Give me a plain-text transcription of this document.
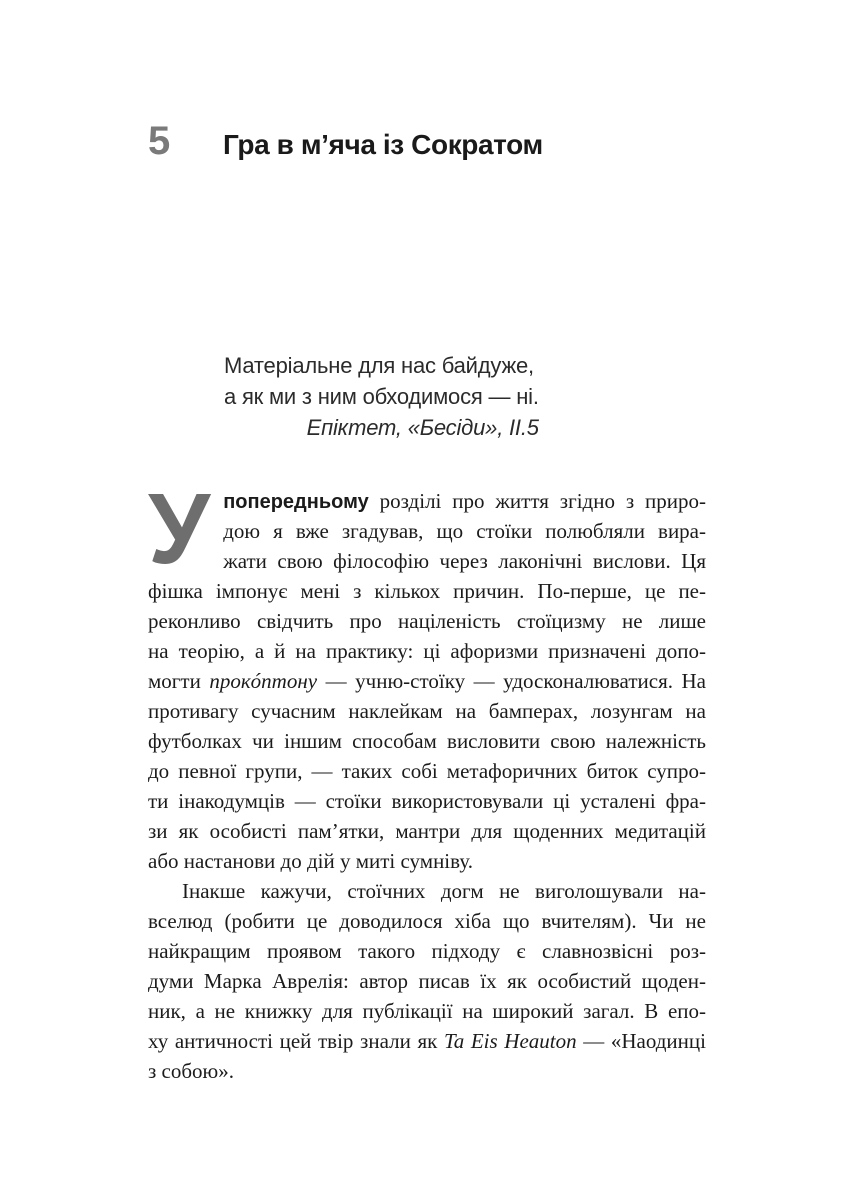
5	Гра в м’яча із Сократом
Матеріальне для нас байдуже,
а як ми з ним обходимося — ні.
Епіктет, «Бесіди», II.5
У попередньому розділі про життя згідно з приро-
дою я вже згадував, що стоїки полюбляли вира-
жати свою філософію через лаконічні вислови. Ця
фішка імпонує мені з кількох причин. По-перше, це пе-
реконливо свідчить про націленість стоїцизму не лише
на теорію, а й на практику: ці афоризми призначені допо-
могти прокóптону — учню-стоїку — удосконалюватися. На
противагу сучасним наклейкам на бамперах, лозунгам на
футболках чи іншим способам висловити свою належність
до певної групи, — таких собі метафоричних биток супро-
ти інакодумців — стоїки використовували ці усталені фра-
зи як особисті пам’ятки, мантри для щоденних медитацій
або настанови до дій у миті сумніву.
Інакше кажучи, стоїчних догм не виголошували на-
вселюд (робити це доводилося хіба що вчителям). Чи не
найкращим проявом такого підходу є славнозвісні роз-
думи Марка Аврелія: автор писав їх як особистий щоден-
ник, а не книжку для публікації на широкий загал. В епо-
ху античності цей твір знали як Ta Eis Heauton — «Наодинці
з собою».
